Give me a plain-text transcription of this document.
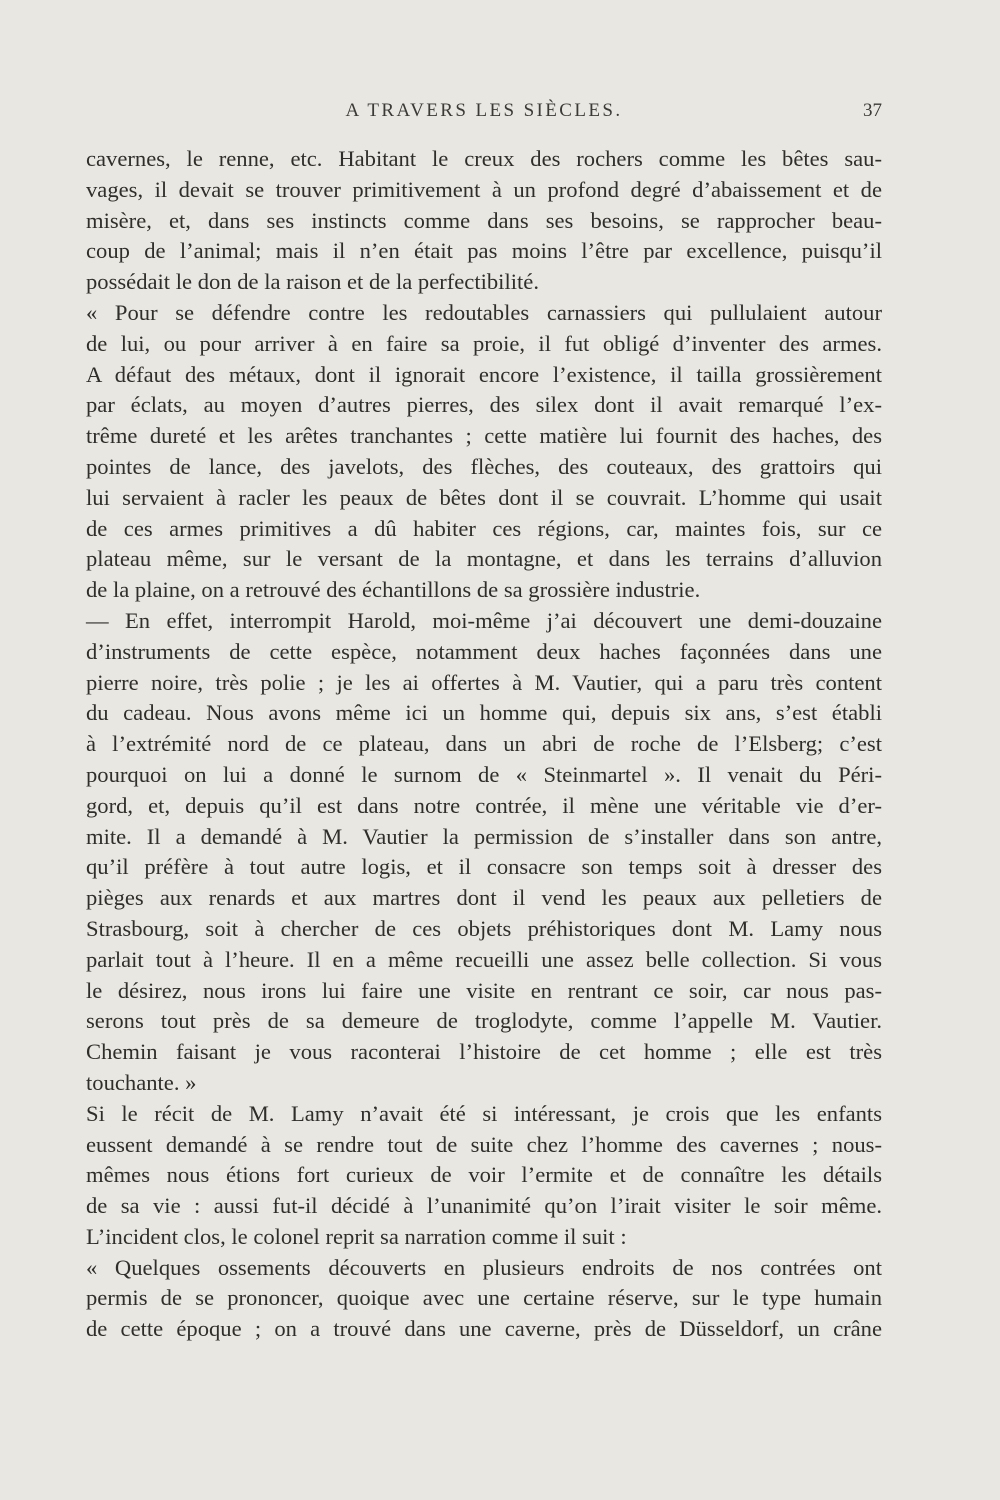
A TRAVERS LES SIÈCLES.	37

cavernes, le renne, etc. Habitant le creux des rochers comme les bêtes sau-

vages, il devait se trouver primitivement à un profond degré d’abaissement et de

misère, et, dans ses instincts comme dans ses besoins, se rapprocher beau-

coup de l’animal; mais il n’en était pas moins l’être par excellence, puisqu’il

possédait le don de la raison et de la perfectibilité.

« Pour se défendre contre les redoutables carnassiers qui pullulaient autour

de lui, ou pour arriver à en faire sa proie, il fut obligé d’inventer des armes.

A défaut des métaux, dont il ignorait encore l’existence, il tailla grossièrement

par éclats, au moyen d’autres pierres, des silex dont il avait remarqué l’ex-

trême dureté et les arêtes tranchantes ; cette matière lui fournit des haches, des

pointes de lance, des javelots, des flèches, des couteaux, des grattoirs qui

lui servaient à racler les peaux de bêtes dont il se couvrait. L’homme qui usait

de ces armes primitives a dû habiter ces régions, car, maintes fois, sur ce

plateau même, sur le versant de la montagne, et dans les terrains d’alluvion

de la plaine, on a retrouvé des échantillons de sa grossière industrie.

— En effet, interrompit Harold, moi-même j’ai découvert une demi-douzaine

d’instruments de cette espèce, notamment deux haches façonnées dans une

pierre noire, très polie ; je les ai offertes à M. Vautier, qui a paru très content

du cadeau. Nous avons même ici un homme qui, depuis six ans, s’est établi

à l’extrémité nord de ce plateau, dans un abri de roche de l’Elsberg; c’est

pourquoi on lui a donné le surnom de « Steinmartel ». Il venait du Péri-

gord, et, depuis qu’il est dans notre contrée, il mène une véritable vie d’er-

mite. Il a demandé à M. Vautier la permission de s’installer dans son antre,

qu’il préfère à tout autre logis, et il consacre son temps soit à dresser des

pièges aux renards et aux martres dont il vend les peaux aux pelletiers de

Strasbourg, soit à chercher de ces objets préhistoriques dont M. Lamy nous

parlait tout à l’heure. Il en a même recueilli une assez belle collection. Si vous

le désirez, nous irons lui faire une visite en rentrant ce soir, car nous pas-

serons tout près de sa demeure de troglodyte, comme l’appelle M. Vautier.

Chemin faisant je vous raconterai l’histoire de cet homme ; elle est très

touchante. »

Si le récit de M. Lamy n’avait été si intéressant, je crois que les enfants

eussent demandé à se rendre tout de suite chez l’homme des cavernes ; nous-

mêmes nous étions fort curieux de voir l’ermite et de connaître les détails

de sa vie : aussi fut-il décidé à l’unanimité qu’on l’irait visiter le soir même.

L’incident clos, le colonel reprit sa narration comme il suit :

« Quelques ossements découverts en plusieurs endroits de nos contrées ont

permis de se prononcer, quoique avec une certaine réserve, sur le type humain

de cette époque ; on a trouvé dans une caverne, près de Düsseldorf, un crâne
